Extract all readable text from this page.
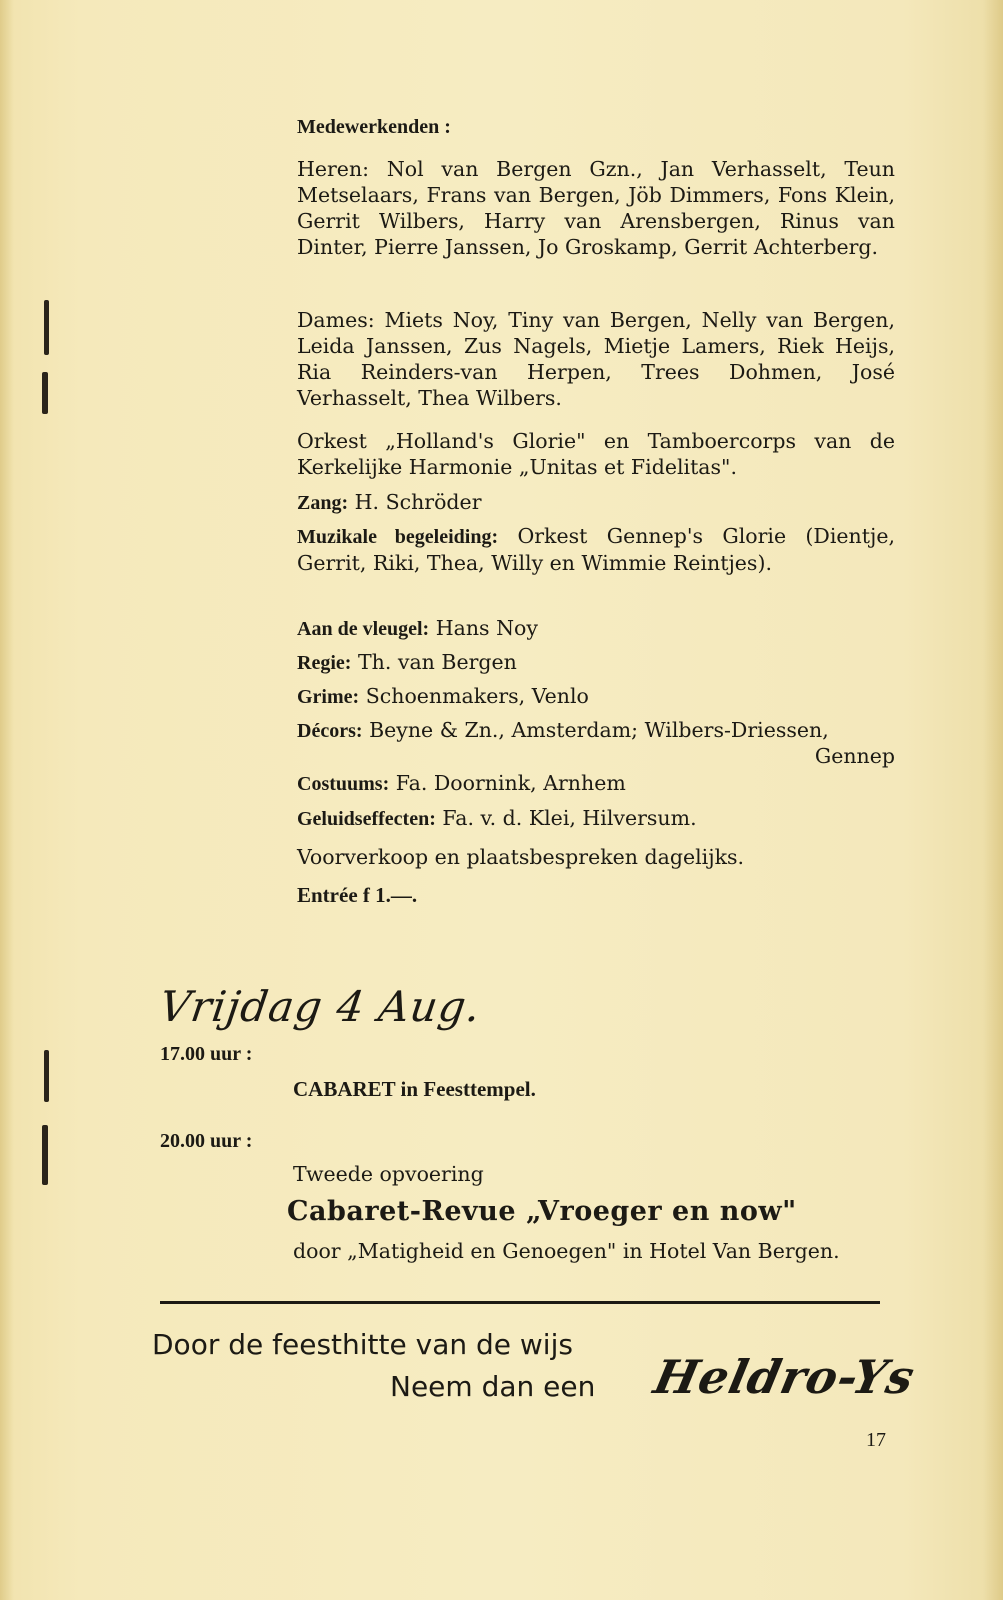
Medewerkenden :

Heren: Nol van Bergen Gzn., Jan Verhasselt, Teun Metselaars, Frans van Bergen, Jöb Dimmers, Fons Klein, Gerrit Wilbers, Harry van Arensbergen, Rinus van Dinter, Pierre Janssen, Jo Groskamp, Gerrit Achterberg.

Dames: Miets Noy, Tiny van Bergen, Nelly van Bergen, Leida Janssen, Zus Nagels, Mietje Lamers, Riek Heijs, Ria Reinders-van Herpen, Trees Dohmen, José Verhasselt, Thea Wilbers.

Orkest „Holland's Glorie" en Tamboercorps van de Kerkelijke Harmonie „Unitas et Fidelitas".

Zang: H. Schröder

Muzikale begeleiding: Orkest Gennep's Glorie (Dientje, Gerrit, Riki, Thea, Willy en Wimmie Reintjes).

Aan de vleugel: Hans Noy

Regie: Th. van Bergen

Grime: Schoenmakers, Venlo

Décors: Beyne & Zn., Amsterdam; Wilbers-Driessen,

Gennep

Costuums: Fa. Doornink, Arnhem

Geluidseffecten: Fa. v. d. Klei, Hilversum.

Voorverkoop en plaatsbespreken dagelijks.

Entrée f 1.—.
Vrijdag 4 Aug.
17.00 uur :
CABARET in Feesttempel.
20.00 uur :
Tweede opvoering
Cabaret-Revue „Vroeger en now"
door „Matigheid en Genoegen" in Hotel Van Bergen.
Door de feesthitte van de wijs
Neem dan een Heldro-Ys
17
